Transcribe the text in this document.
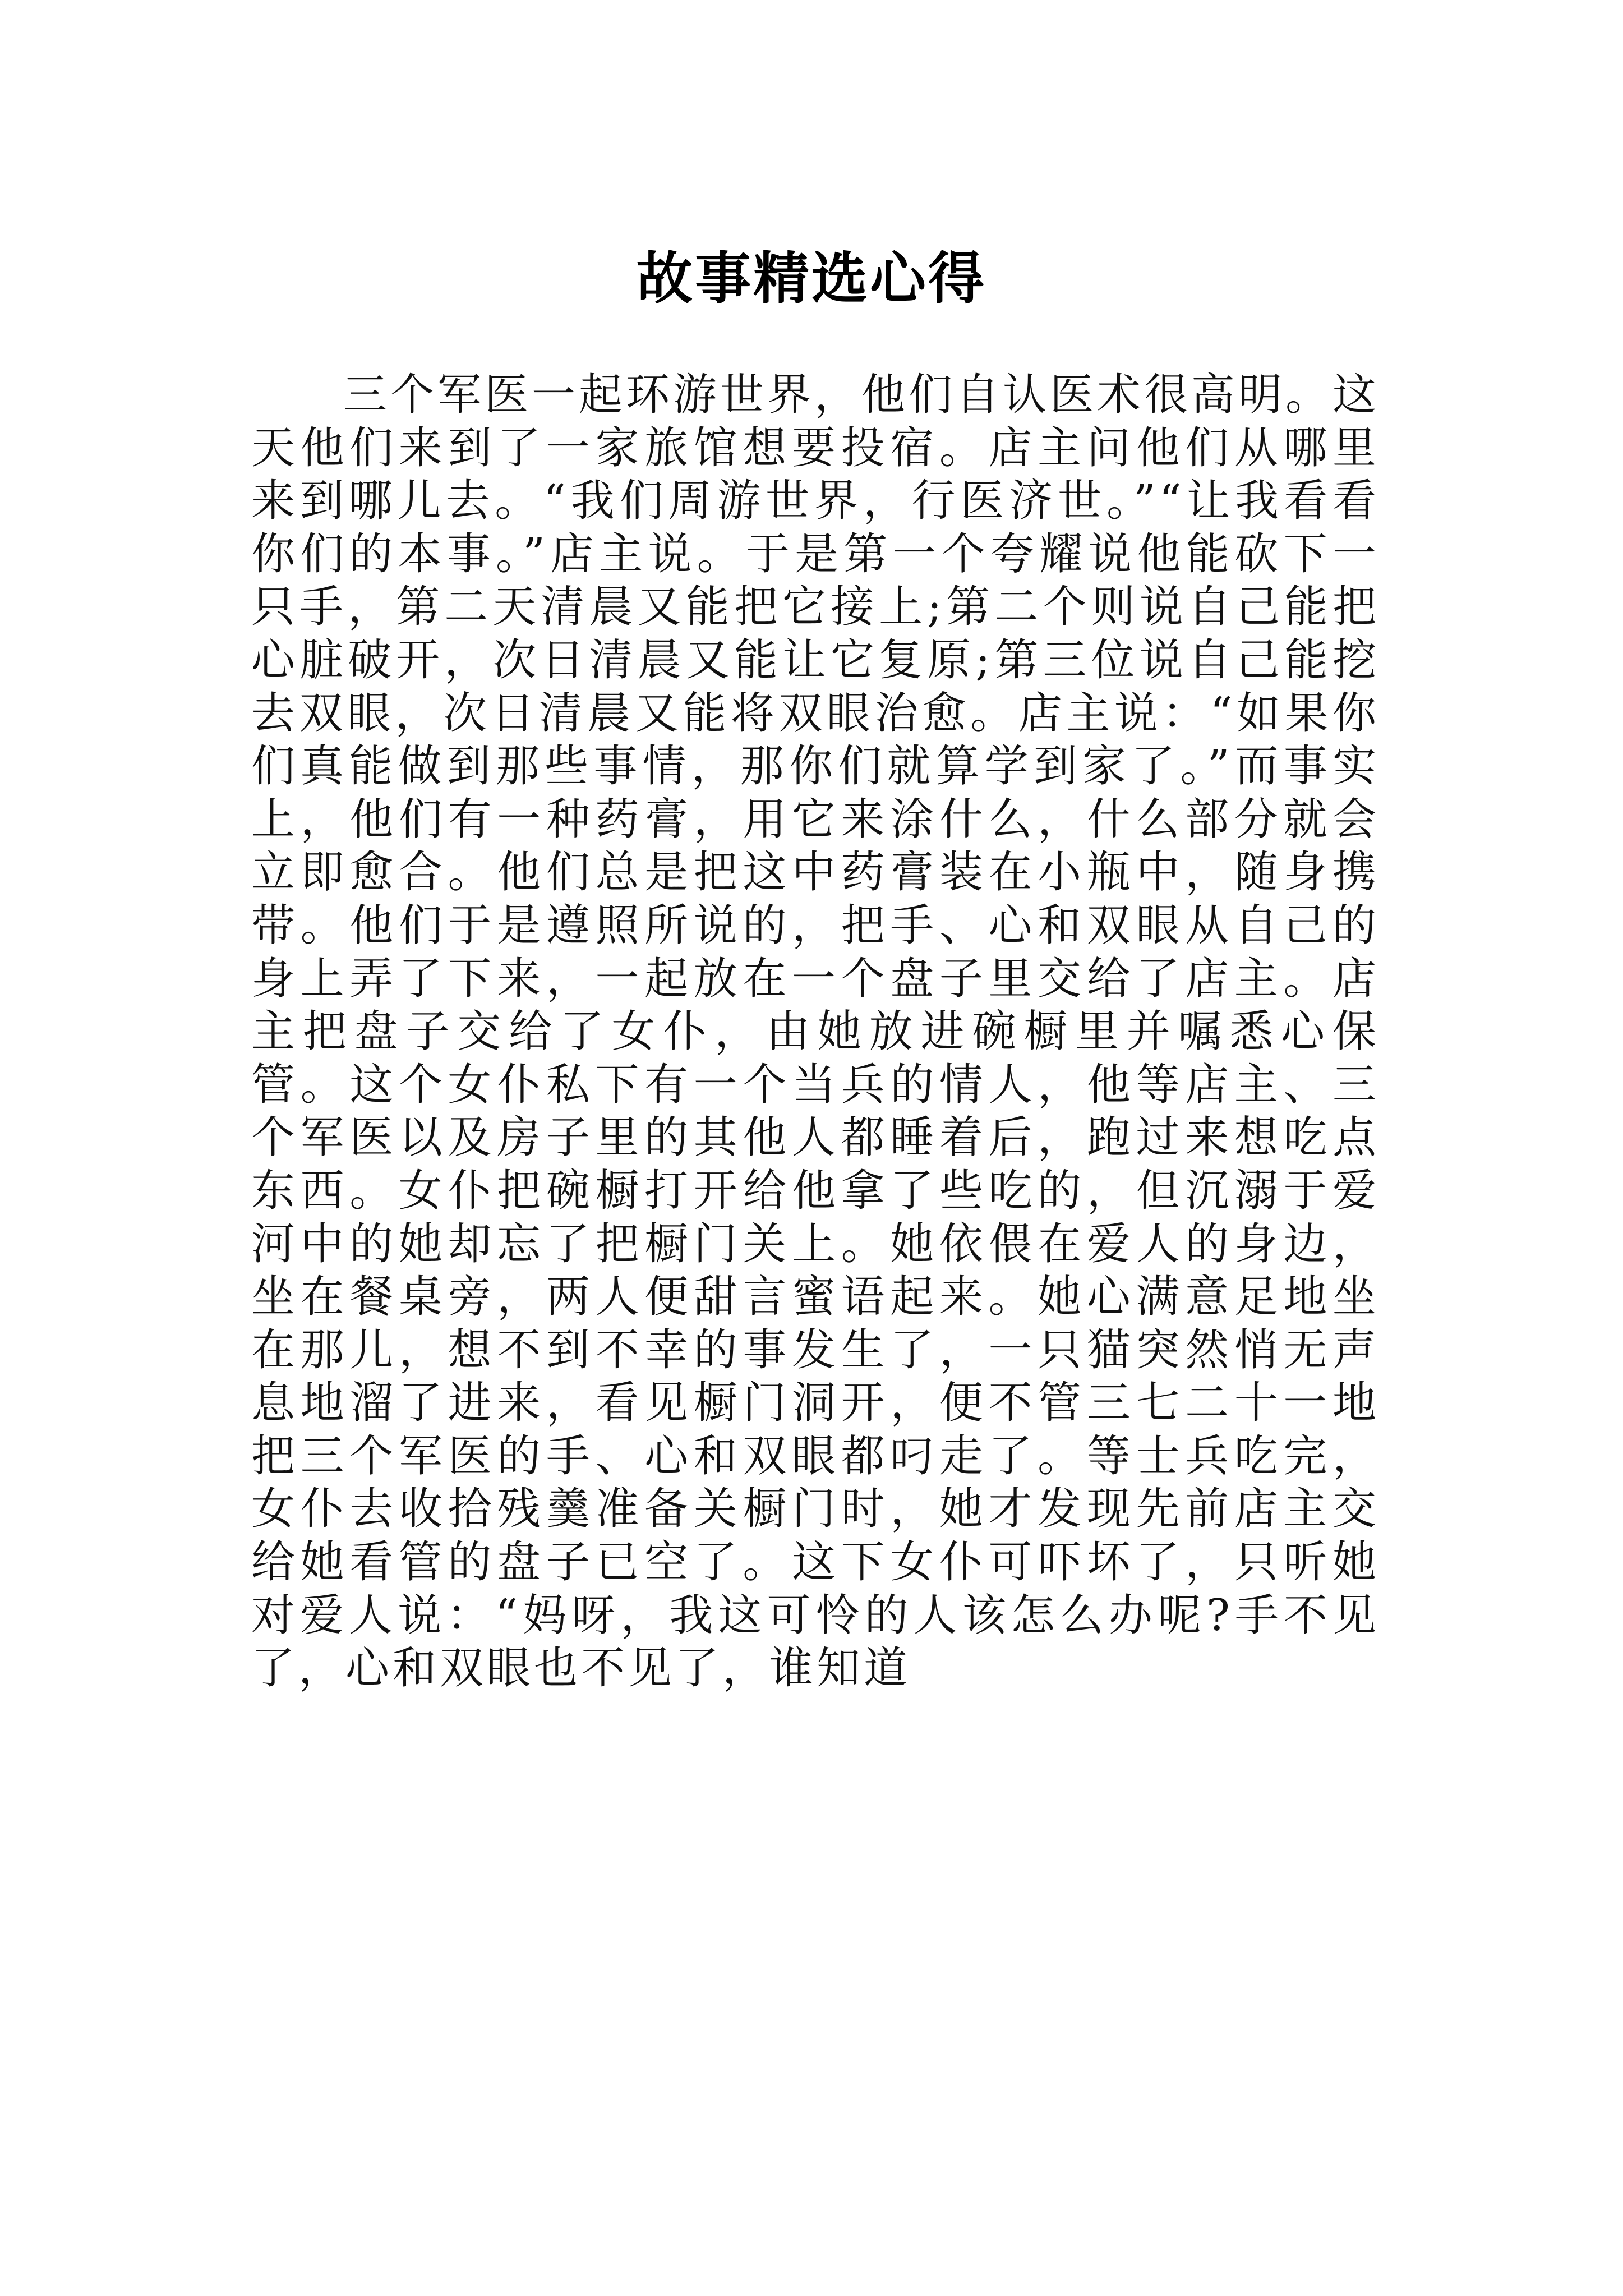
故事精选心得

三个军医一起环游世界，他们自认医术很高明。这天他们来到了一家旅馆想要投宿。店主问他们从哪里来到哪儿去。“我们周游世界，行医济世。”“让我看看你们的本事。”店主说。于是第一个夸耀说他能砍下一只手，第二天清晨又能把它接上;第二个则说自己能把心脏破开，次日清晨又能让它复原;第三位说自己能挖去双眼，次日清晨又能将双眼治愈。店主说：“如果你们真能做到那些事情，那你们就算学到家了。”而事实上，他们有一种药膏，用它来涂什么，什么部分就会立即愈合。他们总是把这中药膏装在小瓶中，随身携带。他们于是遵照所说的，把手、心和双眼从自己的身上弄了下来，一起放在一个盘子里交给了店主。店主把盘子交给了女仆，由她放进碗橱里并嘱悉心保管。这个女仆私下有一个当兵的情人，他等店主、三个军医以及房子里的其他人都睡着后，跑过来想吃点东西。女仆把碗橱打开给他拿了些吃的，但沉溺于爱河中的她却忘了把橱门关上。她依偎在爱人的身边，坐在餐桌旁，两人便甜言蜜语起来。她心满意足地坐在那儿，想不到不幸的事发生了，一只猫突然悄无声息地溜了进来，看见橱门洞开，便不管三七二十一地把三个军医的手、心和双眼都叼走了。等士兵吃完，女仆去收拾残羹准备关橱门时，她才发现先前店主交给她看管的盘子已空了。这下女仆可吓坏了，只听她对爱人说：“妈呀，我这可怜的人该怎么办呢?手不见了，心和双眼也不见了，谁知道
